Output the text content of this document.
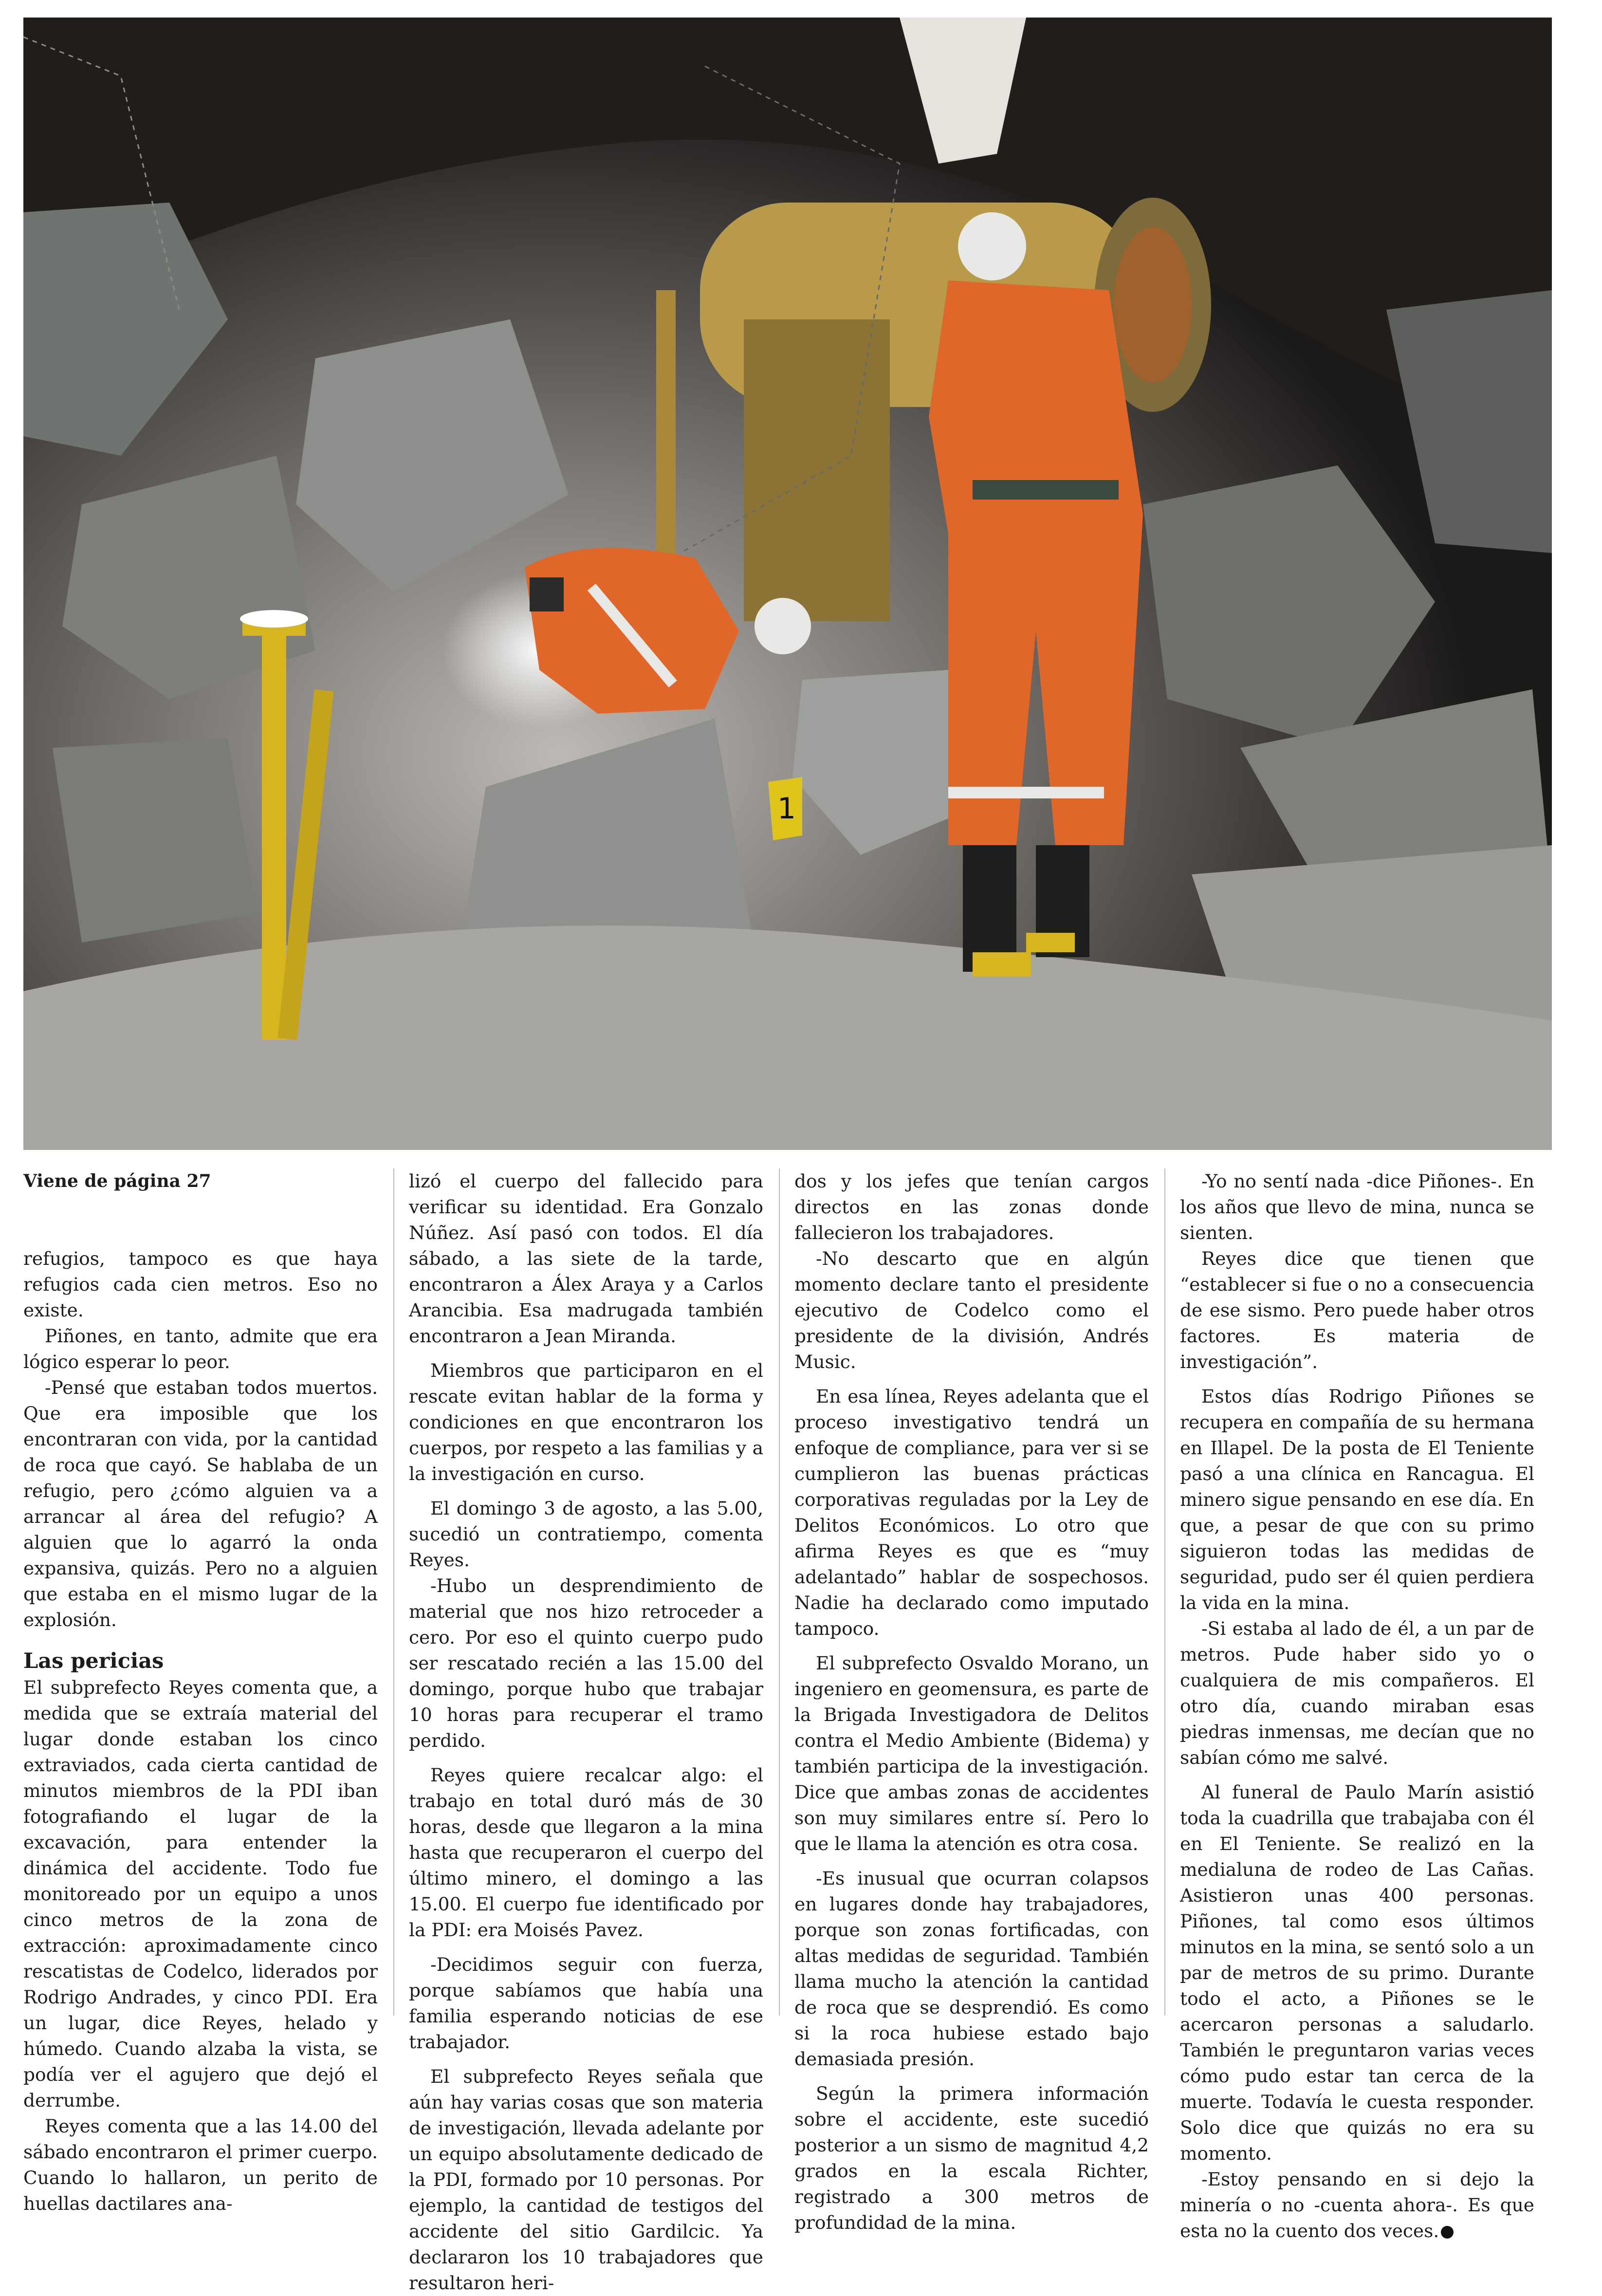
1

Viene de página 27

refugios, tampoco es que haya refugios cada cien metros. Eso no existe.

Piñones, en tanto, admite que era lógico esperar lo peor.

-Pensé que estaban todos muertos. Que era imposible que los encontraran con vida, por la cantidad de roca que cayó. Se hablaba de un refugio, pero ¿cómo alguien va a arrancar al área del refugio? A alguien que lo agarró la onda expansiva, quizás. Pero no a alguien que estaba en el mismo lugar de la explosión.

Las pericias

El subprefecto Reyes comenta que, a medida que se extraía material del lugar donde estaban los cinco extraviados, cada cierta cantidad de minutos miembros de la PDI iban fotografiando el lugar de la excavación, para entender la dinámica del accidente. Todo fue monitoreado por un equipo a unos cinco metros de la zona de extracción: aproximadamente cinco rescatistas de Codelco, liderados por Rodrigo Andrades, y cinco PDI. Era un lugar, dice Reyes, helado y húmedo. Cuando alzaba la vista, se podía ver el agujero que dejó el derrumbe.

Reyes comenta que a las 14.00 del sábado encontraron el primer cuerpo. Cuando lo hallaron, un perito de huellas dactilares ana-

lizó el cuerpo del fallecido para verificar su identidad. Era Gonzalo Núñez. Así pasó con todos. El día sábado, a las siete de la tarde, encontraron a Álex Araya y a Carlos Arancibia. Esa madrugada también encontraron a Jean Miranda.

Miembros que participaron en el rescate evitan hablar de la forma y condiciones en que encontraron los cuerpos, por respeto a las familias y a la investigación en curso.

El domingo 3 de agosto, a las 5.00, sucedió un contratiempo, comenta Reyes.

-Hubo un desprendimiento de material que nos hizo retroceder a cero. Por eso el quinto cuerpo pudo ser rescatado recién a las 15.00 del domingo, porque hubo que trabajar 10 horas para recuperar el tramo perdido.

Reyes quiere recalcar algo: el trabajo en total duró más de 30 horas, desde que llegaron a la mina hasta que recuperaron el cuerpo del último minero, el domingo a las 15.00. El cuerpo fue identificado por la PDI: era Moisés Pavez.

-Decidimos seguir con fuerza, porque sabíamos que había una familia esperando noticias de ese trabajador.

El subprefecto Reyes señala que aún hay varias cosas que son materia de investigación, llevada adelante por un equipo absolutamente dedicado de la PDI, formado por 10 personas. Por ejemplo, la cantidad de testigos del accidente del sitio Gardilcic. Ya declararon los 10 trabajadores que resultaron heri-

dos y los jefes que tenían cargos directos en las zonas donde fallecieron los trabajadores.

-No descarto que en algún momento declare tanto el presidente ejecutivo de Codelco como el presidente de la división, Andrés Music.

En esa línea, Reyes adelanta que el proceso investigativo tendrá un enfoque de compliance, para ver si se cumplieron las buenas prácticas corporativas reguladas por la Ley de Delitos Económicos. Lo otro que afirma Reyes es que es “muy adelantado” hablar de sospechosos. Nadie ha declarado como imputado tampoco.

El subprefecto Osvaldo Morano, un ingeniero en geomensura, es parte de la Brigada Investigadora de Delitos contra el Medio Ambiente (Bidema) y también participa de la investigación. Dice que ambas zonas de accidentes son muy similares entre sí. Pero lo que le llama la atención es otra cosa.

-Es inusual que ocurran colapsos en lugares donde hay trabajadores, porque son zonas fortificadas, con altas medidas de seguridad. También llama mucho la atención la cantidad de roca que se desprendió. Es como si la roca hubiese estado bajo demasiada presión.

Según la primera información sobre el accidente, este sucedió posterior a un sismo de magnitud 4,2 grados en la escala Richter, registrado a 300 metros de profundidad de la mina.

-Yo no sentí nada -dice Piñones-. En los años que llevo de mina, nunca se sienten.

Reyes dice que tienen que “establecer si fue o no a consecuencia de ese sismo. Pero puede haber otros factores. Es materia de investigación”.

Estos días Rodrigo Piñones se recupera en compañía de su hermana en Illapel. De la posta de El Teniente pasó a una clínica en Rancagua. El minero sigue pensando en ese día. En que, a pesar de que con su primo siguieron todas las medidas de seguridad, pudo ser él quien perdiera la vida en la mina.

-Si estaba al lado de él, a un par de metros. Pude haber sido yo o cualquiera de mis compañeros. El otro día, cuando miraban esas piedras inmensas, me decían que no sabían cómo me salvé.

Al funeral de Paulo Marín asistió toda la cuadrilla que trabajaba con él en El Teniente. Se realizó en la medialuna de rodeo de Las Cañas. Asistieron unas 400 personas. Piñones, tal como esos últimos minutos en la mina, se sentó solo a un par de metros de su primo. Durante todo el acto, a Piñones se le acercaron personas a saludarlo. También le preguntaron varias veces cómo pudo estar tan cerca de la muerte. Todavía le cuesta responder. Solo dice que quizás no era su momento.

-Estoy pensando en si dejo la minería o no -cuenta ahora-. Es que esta no la cuento dos veces.
